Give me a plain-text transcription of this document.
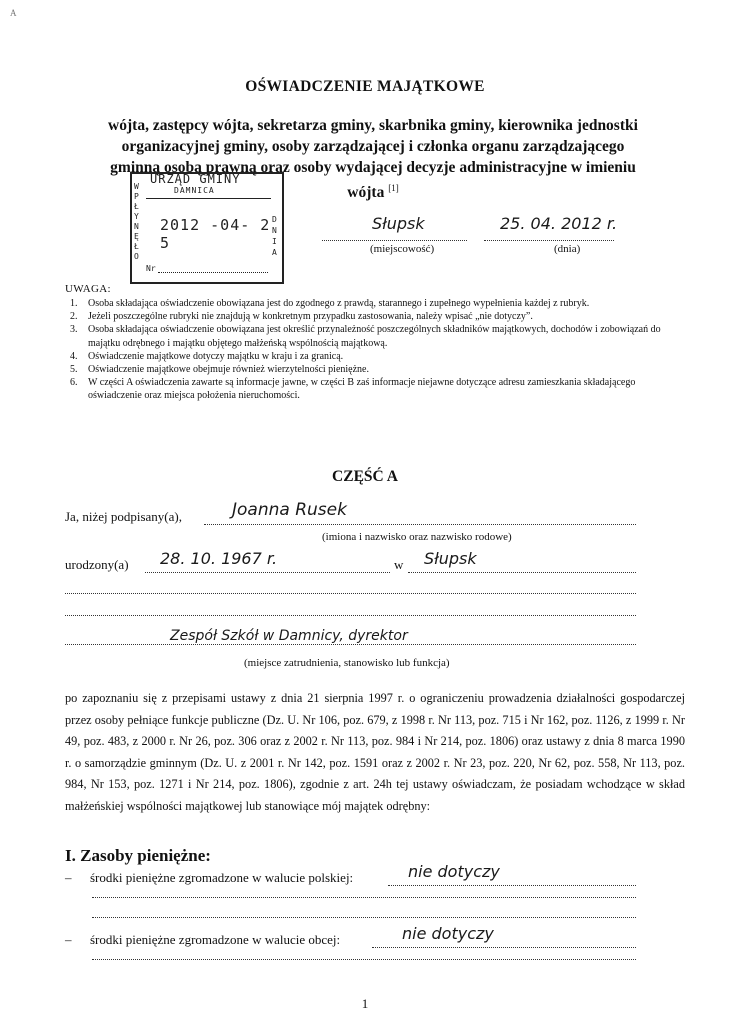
A
OŚWIADCZENIE MAJĄTKOWE
wójta, zastępcy wójta, sekretarza gminy, skarbnika gminy, kierownika jednostki
organizacyjnej gminy, osoby zarządzającej i członka organu zarządzającego
gminną osobą prawną oraz osoby wydającej decyzje administracyjne w imieniu
wójta [1]
URZĄD GMINY
DAMNICA
WPŁYNĘŁO
2012 -04- 2 5
DNIA
Nr
Słupsk
(miejscowość)
25. 04. 2012 r.
(dnia)
UWAGA:
1. Osoba składająca oświadczenie obowiązana jest do zgodnego z prawdą, starannego i zupełnego wypełnienia każdej z rubryk.
2. Jeżeli poszczególne rubryki nie znajdują w konkretnym przypadku zastosowania, należy wpisać „nie dotyczy”.
3. Osoba składająca oświadczenie obowiązana jest określić przynależność poszczególnych składników majątkowych, dochodów i zobowiązań do majątku odrębnego i majątku objętego małżeńską wspólnością majątkową.
4. Oświadczenie majątkowe dotyczy majątku w kraju i za granicą.
5. Oświadczenie majątkowe obejmuje również wierzytelności pieniężne.
6. W części A oświadczenia zawarte są informacje jawne, w części B zaś informacje niejawne dotyczące adresu zamieszkania składającego oświadczenie oraz miejsca położenia nieruchomości.
CZĘŚĆ A
Ja, niżej podpisany(a),	Joanna Rusek
(imiona i nazwisko oraz nazwisko rodowe)
urodzony(a) 28. 10. 1967 r.	w Słupsk
Zespół Szkół w Damnicy, dyrektor
(miejsce zatrudnienia, stanowisko lub funkcja)
po zapoznaniu się z przepisami ustawy z dnia 21 sierpnia 1997 r. o ograniczeniu prowadzenia działalności gospodarczej przez osoby pełniące funkcje publiczne (Dz. U. Nr 106, poz. 679, z 1998 r. Nr 113, poz. 715 i Nr 162, poz. 1126, z 1999 r. Nr 49, poz. 483, z 2000 r. Nr 26, poz. 306 oraz z 2002 r. Nr 113, poz. 984 i Nr 214, poz. 1806) oraz ustawy z dnia 8 marca 1990 r. o samorządzie gminnym (Dz. U. z 2001 r. Nr 142, poz. 1591 oraz z 2002 r. Nr 23, poz. 220, Nr 62, poz. 558, Nr 113, poz. 984, Nr 153, poz. 1271 i Nr 214, poz. 1806), zgodnie z art. 24h tej ustawy oświadczam, że posiadam wchodzące w skład małżeńskiej wspólności majątkowej lub stanowiące mój majątek odrębny:
I. Zasoby pieniężne:
– środki pieniężne zgromadzone w walucie polskiej:	nie dotyczy
– środki pieniężne zgromadzone w walucie obcej:	nie dotyczy
1
